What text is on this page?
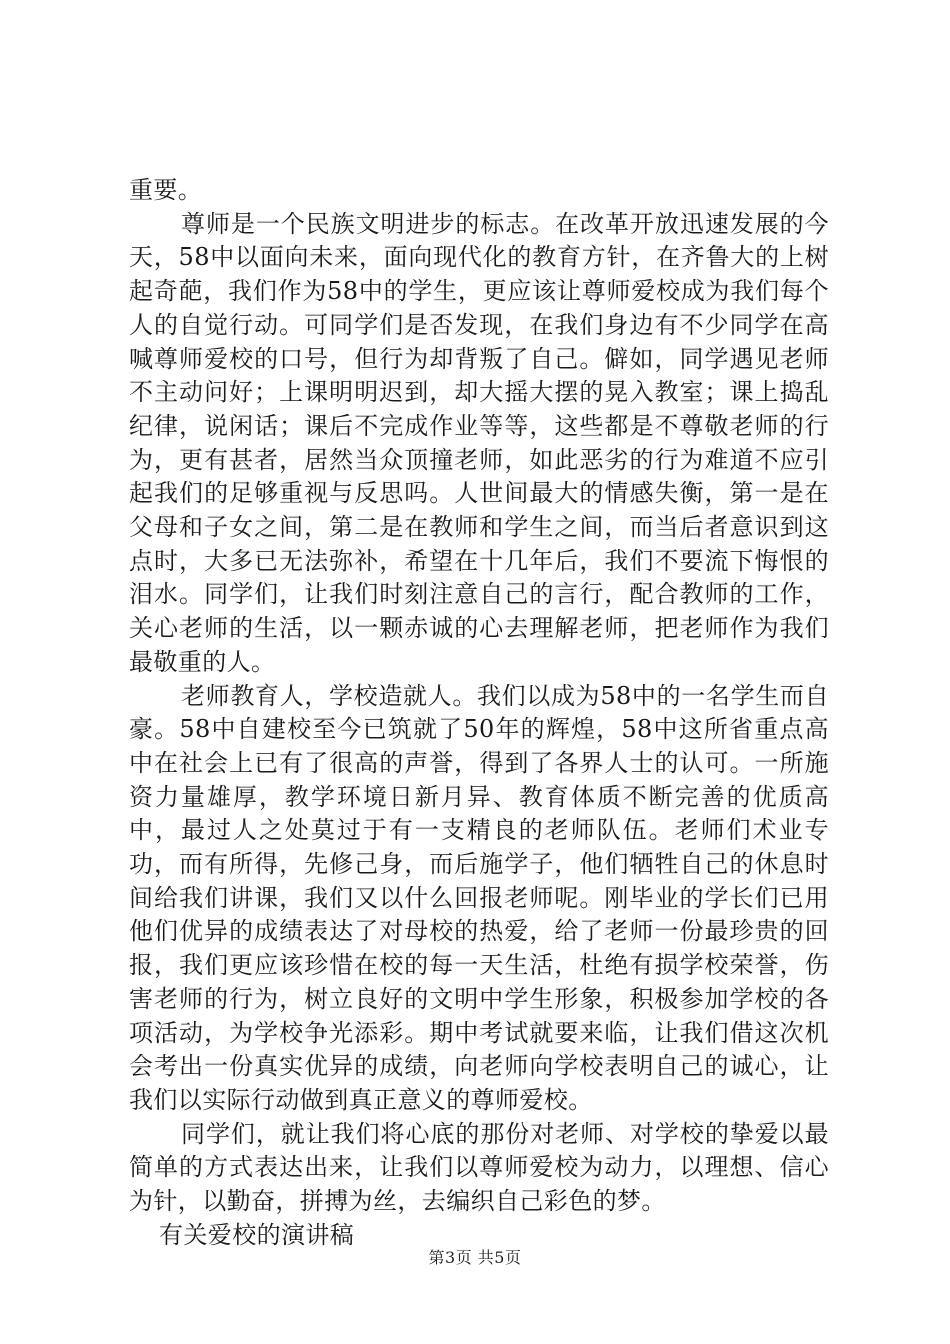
重要。

尊师是一个民族文明进步的标志。在改革开放迅速发展的今天，58中以面向未来，面向现代化的教育方针，在齐鲁大的上树起奇葩，我们作为58中的学生，更应该让尊师爱校成为我们每个人的自觉行动。可同学们是否发现，在我们身边有不少同学在高喊尊师爱校的口号，但行为却背叛了自己。僻如，同学遇见老师不主动问好；上课明明迟到，却大摇大摆的晃入教室；课上捣乱纪律，说闲话；课后不完成作业等等，这些都是不尊敬老师的行为，更有甚者，居然当众顶撞老师，如此恶劣的行为难道不应引起我们的足够重视与反思吗。人世间最大的情感失衡，第一是在父母和子女之间，第二是在教师和学生之间，而当后者意识到这点时，大多已无法弥补，希望在十几年后，我们不要流下悔恨的泪水。同学们，让我们时刻注意自己的言行，配合教师的工作，关心老师的生活，以一颗赤诚的心去理解老师，把老师作为我们最敬重的人。

老师教育人，学校造就人。我们以成为58中的一名学生而自豪。58中自建校至今已筑就了50年的辉煌，58中这所省重点高中在社会上已有了很高的声誉，得到了各界人士的认可。一所施资力量雄厚，教学环境日新月异、教育体质不断完善的优质高中，最过人之处莫过于有一支精良的老师队伍。老师们术业专功，而有所得，先修己身，而后施学子，他们牺牲自己的休息时间给我们讲课，我们又以什么回报老师呢。刚毕业的学长们已用他们优异的成绩表达了对母校的热爱，给了老师一份最珍贵的回报，我们更应该珍惜在校的每一天生活，杜绝有损学校荣誉，伤害老师的行为，树立良好的文明中学生形象，积极参加学校的各项活动，为学校争光添彩。期中考试就要来临，让我们借这次机会考出一份真实优异的成绩，向老师向学校表明自己的诚心，让我们以实际行动做到真正意义的尊师爱校。

同学们，就让我们将心底的那份对老师、对学校的挚爱以最简单的方式表达出来，让我们以尊师爱校为动力，以理想、信心为针，以勤奋，拼搏为丝，去编织自己彩色的梦。

有关爱校的演讲稿

第3页 共5页
